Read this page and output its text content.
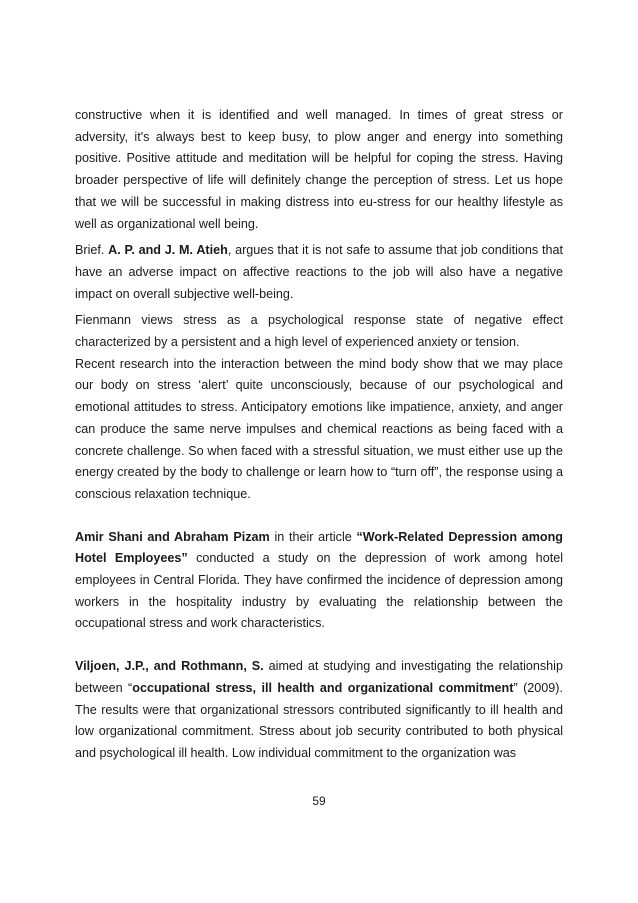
constructive when it is identified and well managed. In times of great stress or adversity, it's always best to keep busy, to plow anger and energy into something positive. Positive attitude and meditation will be helpful for coping the stress. Having broader perspective of life will definitely change the perception of stress. Let us hope that we will be successful in making distress into eu-stress for our healthy lifestyle as well as organizational well being.

Brief. A. P. and J. M. Atieh, argues that it is not safe to assume that job conditions that have an adverse impact on affective reactions to the job will also have a negative impact on overall subjective well-being.

Fienmann views stress as a psychological response state of negative effect characterized by a persistent and a high level of experienced anxiety or tension.

Recent research into the interaction between the mind body show that we may place our body on stress ‘alert’ quite unconsciously, because of our psychological and emotional attitudes to stress. Anticipatory emotions like impatience, anxiety, and anger can produce the same nerve impulses and chemical reactions as being faced with a concrete challenge. So when faced with a stressful situation, we must either use up the energy created by the body to challenge or learn how to “turn off”, the response using a conscious relaxation technique.

Amir Shani and Abraham Pizam in their article “Work-Related Depression among Hotel Employees” conducted a study on the depression of work among hotel employees in Central Florida. They have confirmed the incidence of depression among workers in the hospitality industry by evaluating the relationship between the occupational stress and work characteristics.

Viljoen, J.P., and Rothmann, S. aimed at studying and investigating the relationship between “occupational stress, ill health and organizational commitment” (2009). The results were that organizational stressors contributed significantly to ill health and low organizational commitment. Stress about job security contributed to both physical and psychological ill health. Low individual commitment to the organization was

59
